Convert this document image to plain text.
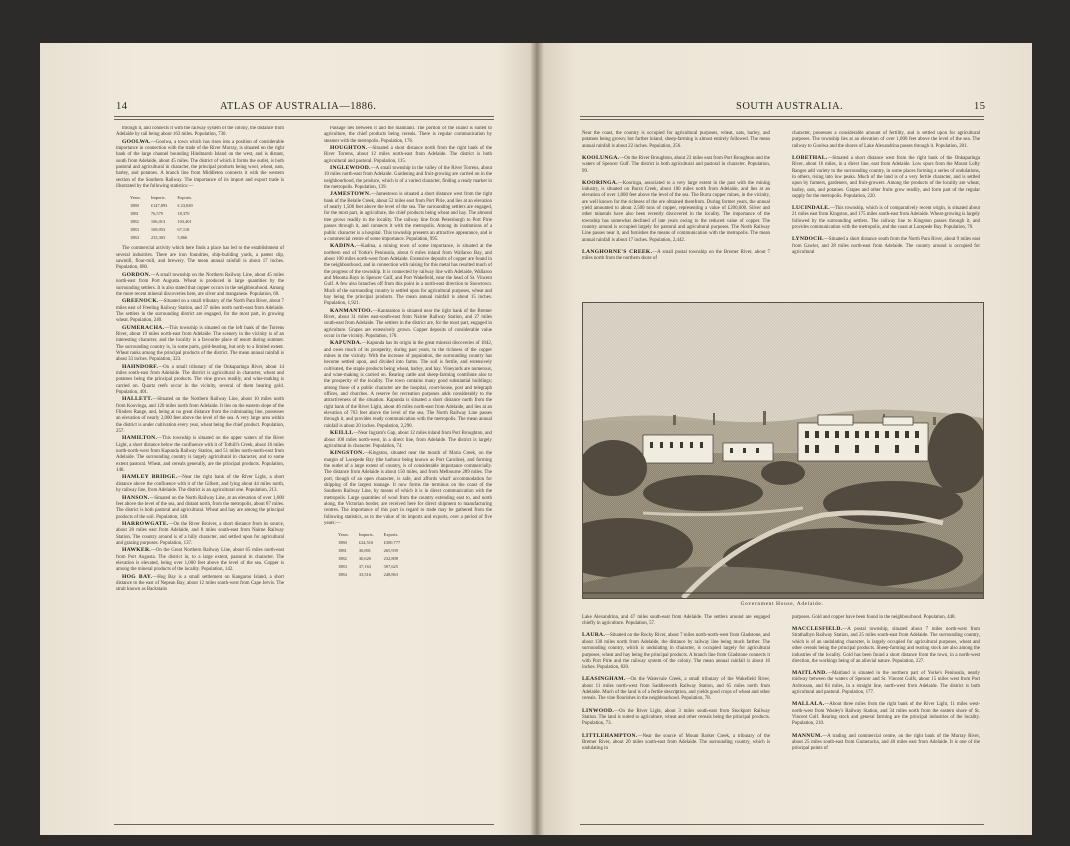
14	ATLAS OF AUSTRALIA—1886.

through it, and connects it with the railway system of the colony, the distance from Adelaide by rail being about 163 miles. Population, 730.

GOOLWA.—Goolwa, a town which has risen into a position of considerable importance in connection with the trade of the River Murray, is situated on the right bank of the large channel bounding Hindmarsh Island on the west, and is distant, south from Adelaide, about 45 miles. The district of which it forms the outlet, is both pastoral and agricultural in character, the principal products being wool, wheat, oats, barley, and potatoes. A branch line from Middleton connects it with the western section of the Southern Railway. The importance of its import and export trade is illustrated by the following statistics:—

Years.	Imports.	Exports.
1880	£147,893	£ 23,849
1881	76,579	18,370
1882	106,013	103,401
1883	169,053	67,118
1884	233,303	5,866

The commercial activity which here finds a place has led to the establishment of several industries. There are iron foundries, ship-building yards, a patent slip, sawmill, flour-mill, and brewery. The mean annual rainfall is about 17 inches. Population, 680.

GORDON.—A small township on the Northern Railway Line, about 45 miles north-east from Port Augusta. Wheat is produced in large quantities by the surrounding settlers. It is also stated that copper occurs in the neighbourhood. Among the more recent mineral discoveries here, are silver and manganese. Population, 60.

GREENOCK.—Situated on a small tributary of the North Para River, about 7 miles east of Freeling Railway Station, and 37 miles north north-east from Adelaide. The settlers in the surrounding district are engaged, for the most part, in growing wheat. Population, 240.

GUMERACHA.—This township is situated on the left bank of the Torrens River, about 19 miles north-east from Adelaide. The scenery in the vicinity is of an interesting character, and the locality is a favourite place of resort during summer. The surrounding country is, in some parts, gold-bearing, but only to a limited extent. Wheat ranks among the principal products of the district. The mean annual rainfall is about 33 inches. Population, 323.

HAHNDORF.—On a small tributary of the Onkaparinga River, about 14 miles south-east from Adelaide. The district is agricultural in character, wheat and potatoes being the principal products. The vine grows readily, and wine-making is carried on. Quartz reefs occur in the vicinity, several of them bearing gold. Population, 401.

HALLETT.—Situated on the Northern Railway Line, about 10 miles north from Koovinga, and 120 miles north from Adelaide. It lies on the eastern slope of the Flinders Range, and, being at no great distance from the culminating line, possesses an elevation of nearly 2,000 feet above the level of the sea. A very large area within the district is under cultivation every year, wheat being the chief product. Population, 257.

HAMILTON.—This township is situated on the upper waters of the River Light, a short distance below the confluence with it of Tothill's Creek, about 16 miles north-north-west from Kapunda Railway Station, and 51 miles north-north-east from Adelaide. The surrounding country is largely agricultural in character, and to some extent pastoral. Wheat, and cereals generally, are the principal products. Population, 146.

HAMLEY BRIDGE.—Near the right bank of the River Light, a short distance above the confluence with it of the Gilbert, and lying about 44 miles north, by railway line, from Adelaide. The district is an agricultural one. Population, 213.

HANSON.—Situated on the North Railway Line, at an elevation of over 1,600 feet above the level of the sea, and distant north, from the metropolis, about 87 miles. The district is both pastoral and agricultural. Wheat and hay are among the principal products of the soil. Population, 148.

HARROWGATE.—On the River Broiver, a short distance from its source, about 28 miles east from Adelaide, and 8 miles south-east from Nairne Railway Station. The country around is of a hilly character, and settled upon for agricultural and grazing purposes. Population, 137.

HAWKER.—On the Great Northern Railway Line, about 65 miles north-east from Port Augusta. The district in, to a large extent, pastoral in character. The elevation is elevated, being over 1,000 feet above the level of the sea. Copper is among the mineral products of the locality. Population, 142.

HOG BAY.—Hog Bay is a small settlement on Kangaroo Island, a short distance to the east of Nepean Bay, about 12 miles south-west from Cape Jervis. The strait known as Backstairs

Passage lies between it and the mainland. The portion of the island is suited to agriculture, the chief products being cereals. There is regular communication by steamer with the metropolis. Population, 176.

HOUGHTON.—Situated a short distance north from the right bank of the River Torrens, about 12 miles north-east from Adelaide. The district is both agricultural and pastoral. Population, 115.

INGLEWOOD.—A small township in the valley of the River Torrens, about 10 miles north-east from Adelaide. Gardening and fruit-growing are carried on in the neighbourhood, the produce, which is of a varied character, finding a ready market in the metropolis. Population, 139.

JAMESTOWN.—Jamestown is situated a short distance west from the right bank of the Belalie Creek, about 52 miles east from Port Pirie, and lies at an elevation of nearly 1,500 feet above the level of the sea. The surrounding settlers are engaged, for the most part, in agriculture, the chief products being wheat and hay. The almond tree grows readily in the locality. The railway line from Petersburgh to Port Pirie passes through it, and connects it with the metropolis. Among its institutions of a public character is a hospital. This township presents an attractive appearance, and is a commercial centre of some importance. Population, 995.

KADINA.—Kadina, a mining town of some importance, is situated at the northern end of Yorke's Peninsula, about 6 miles inland from Wallaroo Bay, and about 100 miles north-west from Adelaide. Extensive deposits of copper are found in the neighbourhood, and in connection with raising for this metal has resulted much of the progress of the township. It is connected by railway line with Adelaide, Wallaroo and Moonta Bays in Spencer Gulf, and Port Wakefield, near the head of St. Vincent Gulf. A few also branches off from this point in a north-east direction to Snowtown. Much of the surrounding country is settled upon for agricultural purposes, wheat and hay being the principal products. The mean annual rainfall is about 15 inches. Population, 1,921.

KANMANTOO.—Kanmantoo is situated near the right bank of the Bremer River, about 31 miles east-south-east from Nairne Railway Station, and 27 miles south-east from Adelaide. The settlers in the district are, for the most part, engaged in agriculture. Grapes are extensively grown. Copper deposits of considerable value occur in the vicinity. Population, 170.

KAPUNDA.—Kapunda has its origin in the great mineral discoveries of 1842, and owes much of its prosperity, during past years, to the richness of the copper mines in the vicinity. With the increase of population, the surrounding country has become settled upon, and divided into farms. The soil is fertile, and extensively cultivated, the staple products being wheat, barley, and hay. Vineyards are numerous, and wine-making is carried on. Rearing cattle and sheep-farming contribute also to the prosperity of the locality. The town contains many good substantial buildings; among those of a public character are the hospital, court-house, post and telegraph offices, and churches. A reserve for recreation purposes adds considerably to the attractiveness of the situation. Kapunda is situated a short distance north from the right bank of the River Light, about 46 miles north-east from Adelaide, and lies at an elevation of 763 feet above the level of the sea. The North Railway Line passes through it, and provides ready communication with the metropolis. The mean annual rainfall is about 20 inches. Population, 2,290.

KEILLI.—Near Ingram's Gap, about 12 miles inland from Port Broughton, and about 100 miles north-west, in a direct line, from Adelaide. The district is largely agricultural in character. Population, 74.

KINGSTON.—Kingston, situated near the mouth of Maria Creek, on the margin of Lacepede Bay (the harbour being known as Port Caroline), and forming the outlet of a large extent of country, is of considerable importance commercially. The distance from Adelaide is about 150 miles, and from Melbourne 289 miles. The port, though of an open character, is safe, and affords wharf accommodation for shipping of the largest tonnage. It now forms the terminus on the coast of the Southern Railway Line, by means of which it is in direct communication with the metropolis. Large quantities of wool from the country extending east to, and north along, the Victorian border, are received here for direct shipment to manufacturing centres. The importance of this port in regard to trade may be gathered from the following statistics, as to the value of its imports and exports, over a period of five years:—

Years.	Imports.	Exports.
1880	£24,516	£300,777
1881	30,801	265,939
1882	30,620	232,808
1883	37,163	307,625
1884	33,516	248,863
SOUTH AUSTRALIA.	15

Near the coast, the country is occupied for agricultural purposes, wheat, oats, barley, and potatoes being grown; but farther inland, sheep-farming is almost entirely followed. The mean annual rainfall is about 22 inches. Population, 256.

KOOLUNGA.—On the River Broughton, about 23 miles east from Port Broughton and the waters of Spencer Gulf. The district is both agricultural and pastoral in character. Population, 99.

KOORINGA.—Kooringa, associated to a very large extent in the past with the mining industry, is situated on Burra Creek, about 100 miles north from Adelaide, and lies at an elevation of over 1,800 feet above the level of the sea. The Burra copper mines, in the vicinity, are well known for the richness of the ore obtained therefrom. During former years, the annual yield amounted to about 2,500 tons of copper, representing a value of £200,000. Silver and other minerals have also been recently discovered in the locality. The importance of the township has somewhat declined of late years owing to the reduced value of copper. The country around is occupied largely for pastoral and agricultural purposes. The North Railway Line passes near it, and furnishes the means of communication with the metropolis. The mean annual rainfall is about 17 inches. Population, 2,442.

LANGHORNE'S CREEK.—A small postal township on the Bremer River, about 7 miles north from the northern shore of

character, possesses a considerable amount of fertility, and is settled upon for agricultural purposes. The township lies at an elevation of over 1,000 feet above the level of the sea. The railway to Goolwa and the shores of Lake Alexandrina passes through it. Population, 201.

LOBETHAL.—Situated a short distance west from the right bank of the Onkaparinga River, about 16 miles, in a direct line, east from Adelaide. Low spurs from the Mount Lofty Ranges add variety to the surrounding country, in some places forming a series of undulations, in others, rising into low peaks. Much of the land is of a very fertile character, and is settled upon by farmers, gardeners, and fruit-growers. Among the products of the locality are wheat, barley, oats, and potatoes. Grapes and other fruits grow readily, and form part of the regular supply for the metropolis. Population, 220.

LUCINDALE.—This township, which is of comparatively recent origin, is situated about 21 miles east from Kingston, and 175 miles south-east from Adelaide. Wheat-growing is largely followed by the surrounding settlers. The railway line to Kingston passes through it, and provides communication with the metropolis, and the coast at Lacepede Bay. Population, 70.

LYNDOCH.—Situated a short distance south from the North Para River, about 9 miles east from Gawler, and 28 miles north-east from Adelaide. The country around is occupied for agricultural

Government House, Adelaide.

Lake Alexandrina, and 47 miles south-east from Adelaide. The settlers around are engaged chiefly in agriculture. Population, 57.

LAURA.—Situated on the Rocky River, about 7 miles north-north-west from Gladstone, and about 130 miles north from Adelaide, the distance by railway line being much farther. The surrounding country, which is undulating in character, is occupied largely for agricultural purposes, wheat and hay being the principal products. A branch line from Gladstone connects it with Port Pirie and the railway system of the colony. The mean annual rainfall is about 16 inches. Population, 820.

LEASINGHAM.—On the Watervale Creek, a small tributary of the Wakefield River, about 11 miles north-west from Saddleworth Railway Station, and 65 miles north from Adelaide. Much of the land is of a fertile description, and yields good crops of wheat and other cereals. The vine flourishes in the neighbourhood. Population, 78.

LINWOOD.—On the River Light, about 3 miles south-east from Stockport Railway Station. The land is suited to agriculture, wheat and other cereals being the principal products. Population, 73.

LITTLEHAMPTON.—Near the source of Mount Barker Creek, a tributary of the Bremer River, about 20 miles south-east from Adelaide. The surrounding country, which is undulating in

purposes. Gold and copper have been found in the neighbourhood. Population, 448.

MACCLESFIELD.—A postal township, situated about 7 miles north-west from Strathalbyn Railway Station, and 25 miles south-east from Adelaide. The surrounding country, which is of an undulating character, is largely occupied for agricultural purposes, wheat and other cereals being the principal products. Sheep-farming and rearing stock are also among the industries of the locality. Gold has been found a short distance from the town, in a north-west direction, the workings being of an alluvial nature. Population, 227.

MAITLAND.—Maitland is situated in the northern part of Yorke's Peninsula, nearly midway between the waters of Spencer and St. Vincent Gulfs, about 15 miles west from Port Ardrossan, and 84 miles, in a straight line, north-west from Adelaide. The district is both agricultural and pastoral. Population, 177.

MALLALA.—About three miles from the right bank of the River Light, 11 miles west-north-west from Wasley's Railway Station, and 34 miles north from the eastern shore of St. Vincent Gulf. Rearing stock and general farming are the principal industries of the locality. Population, 210.

MANNUM.—A trading and commercial centre, on the right bank of the Murray River, about 25 miles south-east from Gumeracha, and 40 miles east from Adelaide. It is one of the principal points of
